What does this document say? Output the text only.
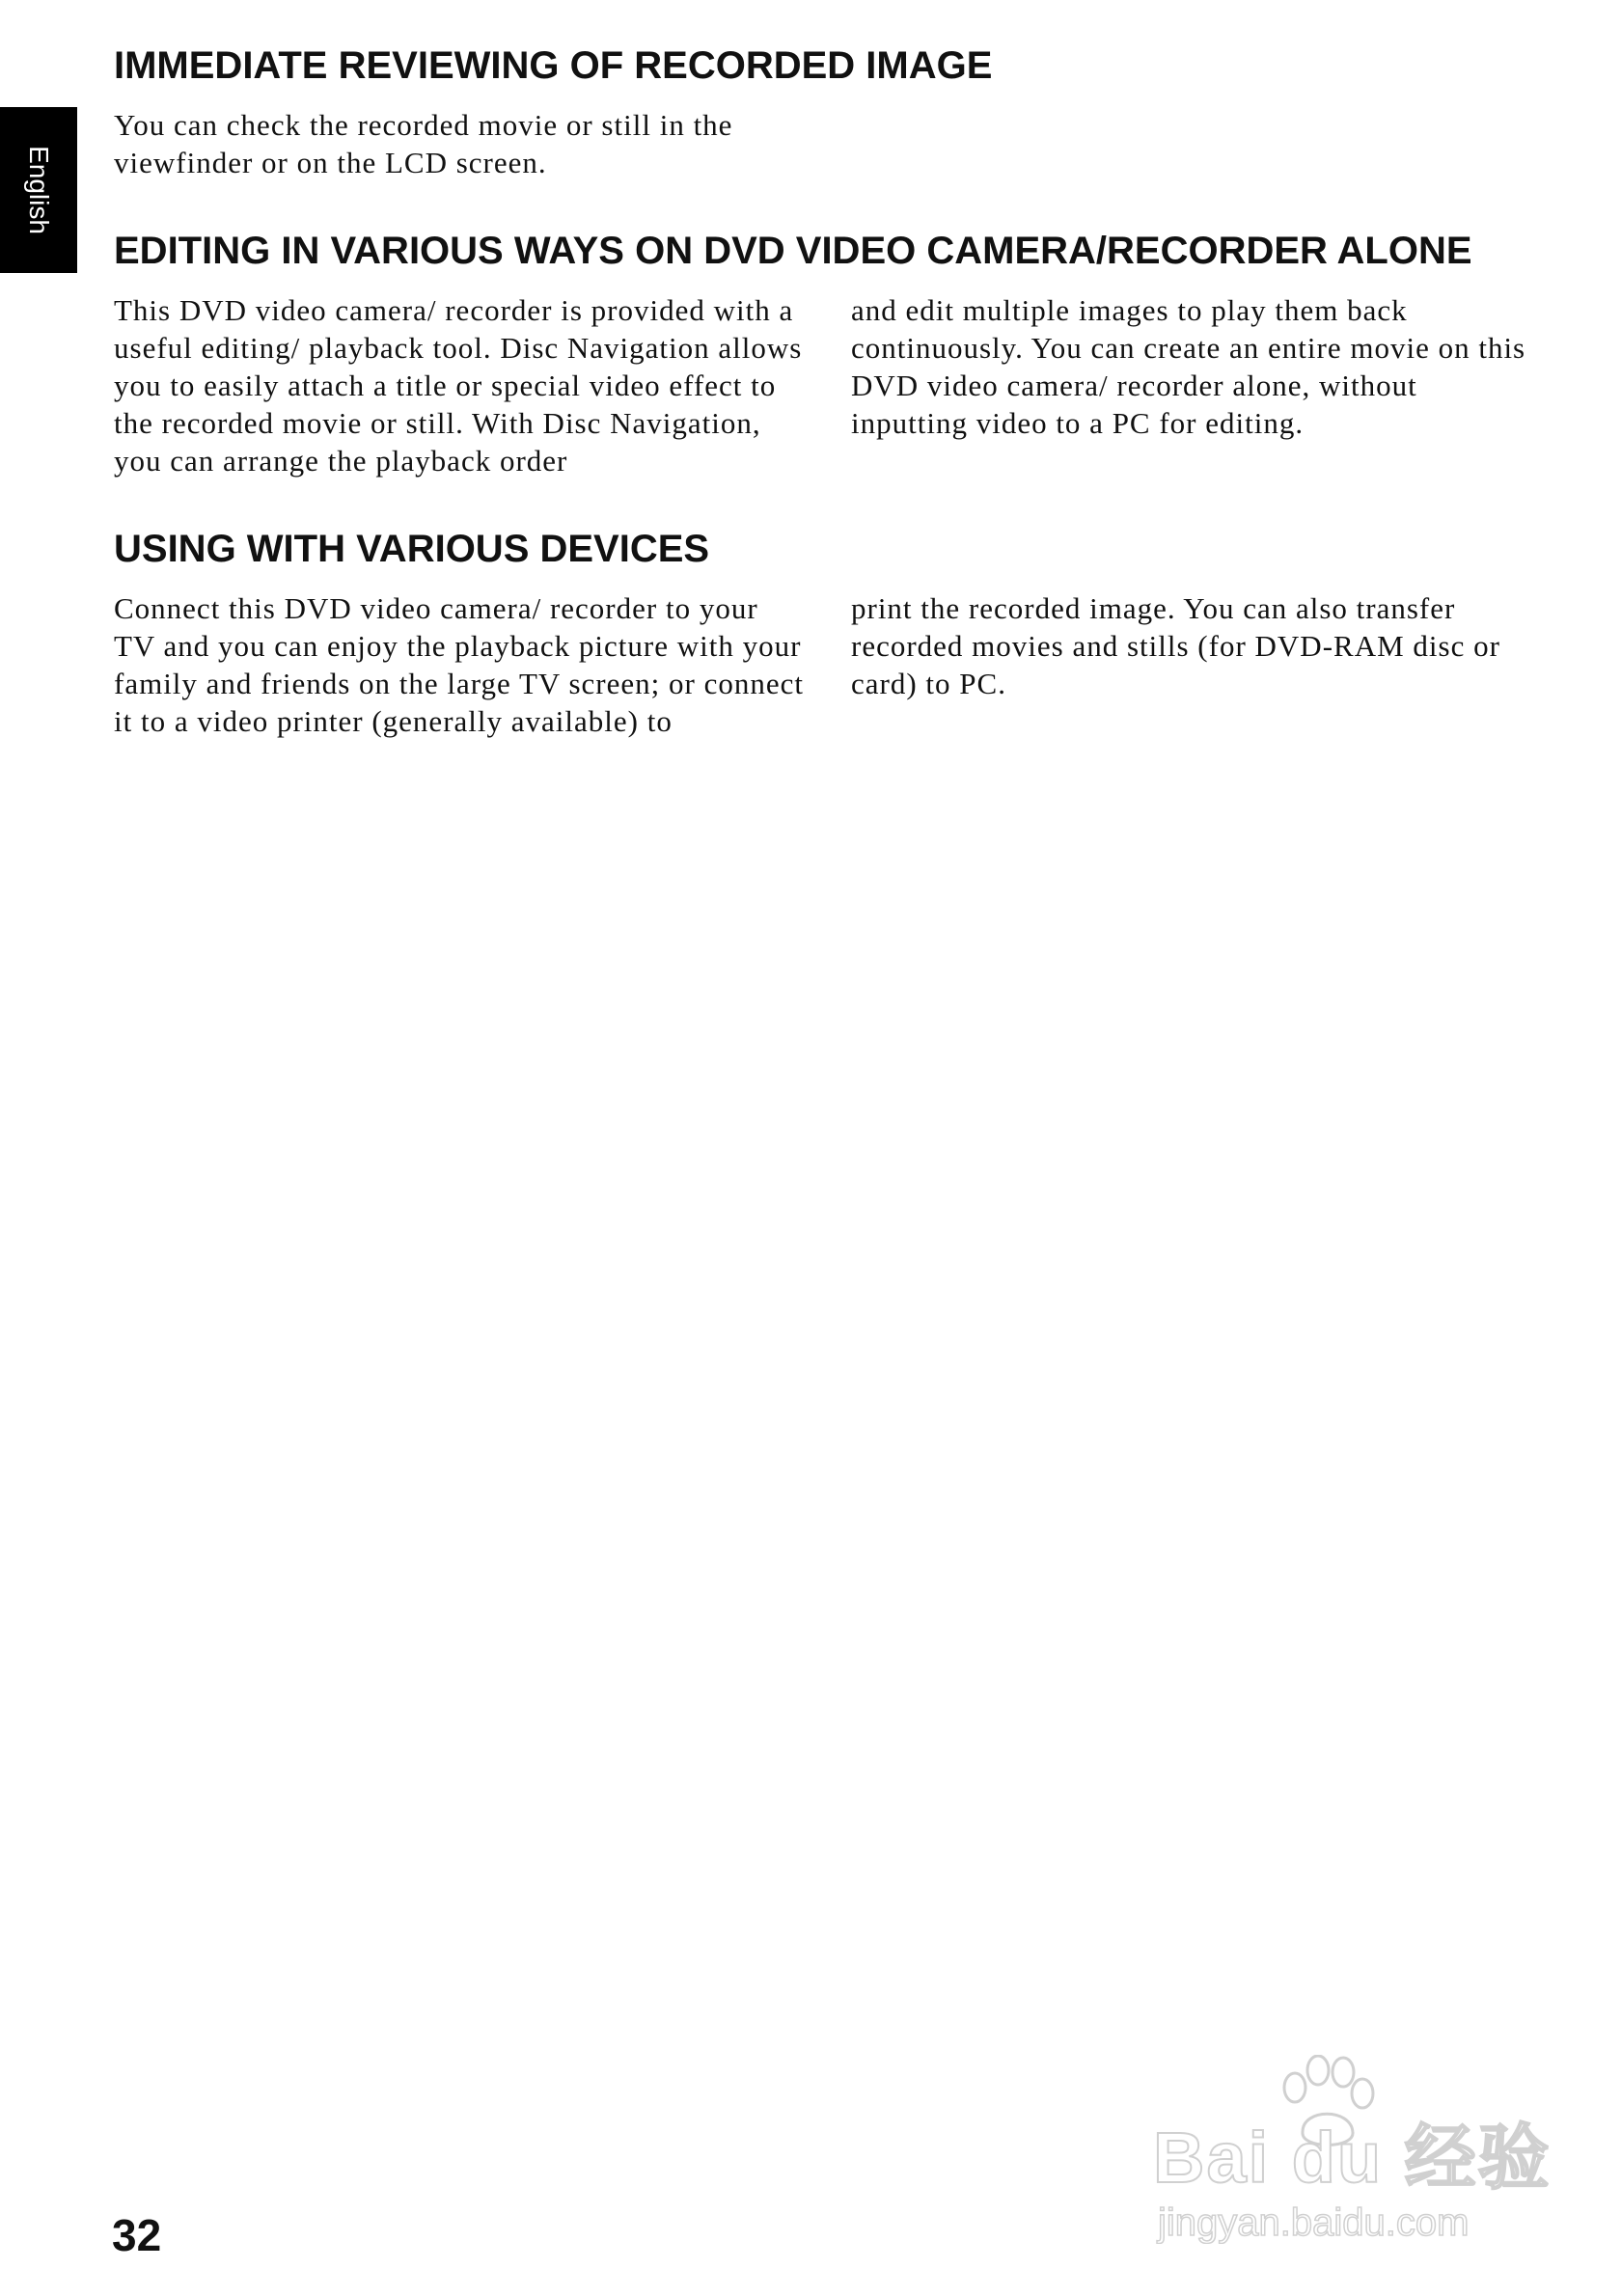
English
IMMEDIATE REVIEWING OF RECORDED IMAGE

You can check the recorded movie or still in the viewfinder or on the LCD screen.

EDITING IN VARIOUS WAYS ON DVD VIDEO CAMERA/RECORDER ALONE

This DVD video camera/ recorder is provided with a useful editing/ playback tool. Disc Navigation allows you to easily attach a title or special video effect to the recorded movie or still. With Disc Navigation, you can arrange the playback order

and edit multiple images to play them back continuously. You can create an entire movie on this DVD video camera/ recorder alone, without inputting video to a PC for editing.

USING WITH VARIOUS DEVICES

Connect this DVD video camera/ recorder to your TV and you can enjoy the playback picture with your family and friends on the large TV screen; or connect it to a video printer (generally available) to

print the recorded image. You can also transfer recorded movies and stills (for DVD-RAM disc or card) to PC.

Bai du 经验
jingyan.baidu.com
32
